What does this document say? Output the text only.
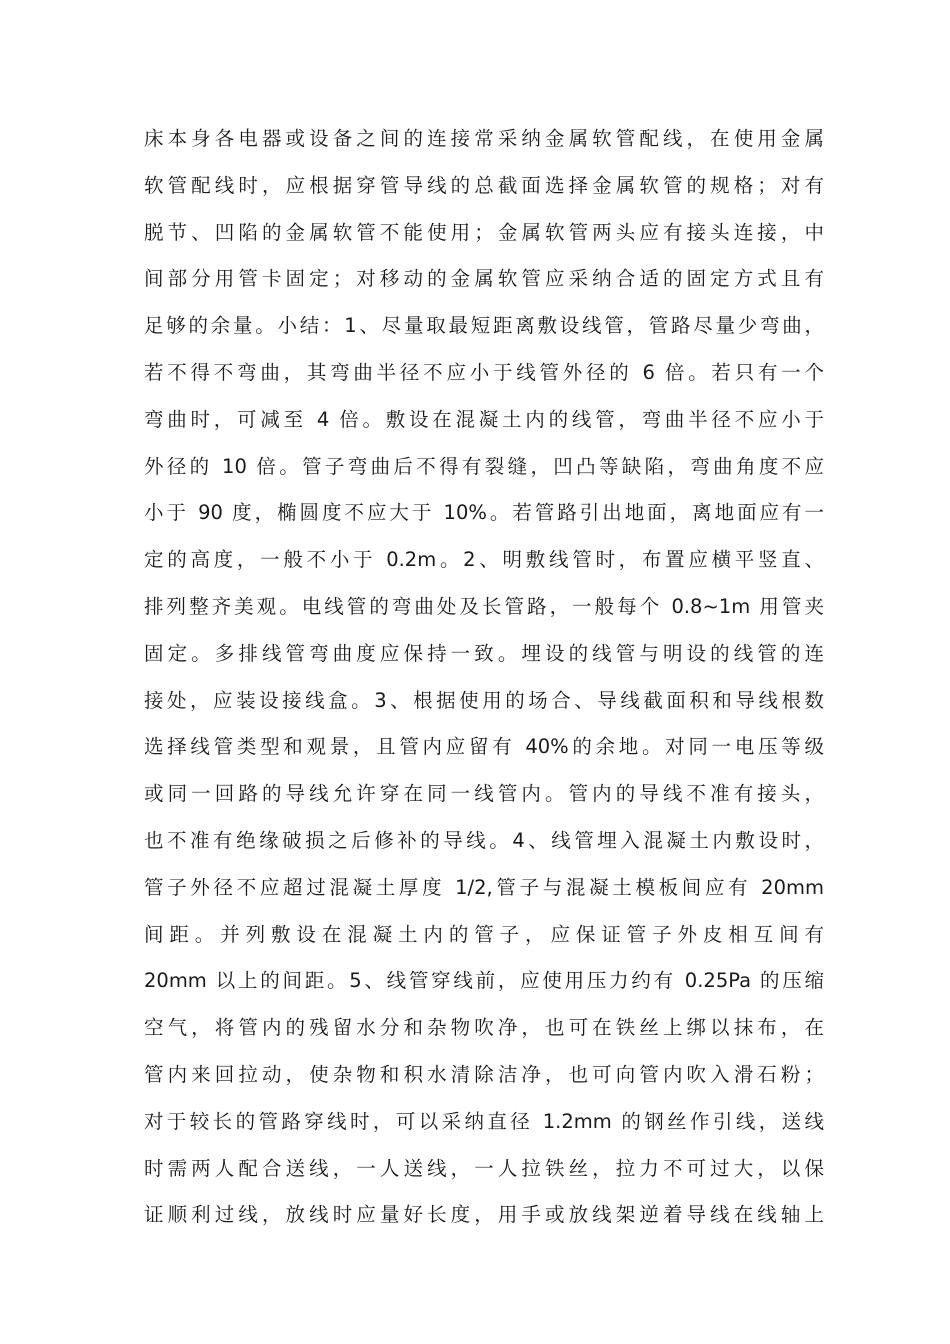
床本身各电器或设备之间的连接常采纳金属软管配线，在使用金属
软管配线时，应根据穿管导线的总截面选择金属软管的规格；对有
脱节、凹陷的金属软管不能使用；金属软管两头应有接头连接，中
间部分用管卡固定；对移动的金属软管应采纳合适的固定方式且有
足够的余量。小结：1、尽量取最短距离敷设线管，管路尽量少弯曲，
若不得不弯曲，其弯曲半径不应小于线管外径的 6 倍。若只有一个
弯曲时，可减至 4 倍。敷设在混凝土内的线管，弯曲半径不应小于
外径的 10 倍。管子弯曲后不得有裂缝，凹凸等缺陷，弯曲角度不应
小于 90 度，椭圆度不应大于 10%。若管路引出地面，离地面应有一
定的高度，一般不小于 0.2m。2、明敷线管时，布置应横平竖直、
排列整齐美观。电线管的弯曲处及长管路，一般每个 0.8~1m 用管夹
固定。多排线管弯曲度应保持一致。埋设的线管与明设的线管的连
接处，应装设接线盒。3、根据使用的场合、导线截面积和导线根数
选择线管类型和观景，且管内应留有 40%的余地。对同一电压等级
或同一回路的导线允许穿在同一线管内。管内的导线不准有接头，
也不准有绝缘破损之后修补的导线。4、线管埋入混凝土内敷设时，
管子外径不应超过混凝土厚度 1/2,管子与混凝土模板间应有 20mm
间距。并列敷设在混凝土内的管子，应保证管子外皮相互间有
20mm 以上的间距。5、线管穿线前，应使用压力约有 0.25Pa 的压缩
空气，将管内的残留水分和杂物吹净，也可在铁丝上绑以抹布，在
管内来回拉动，使杂物和积水清除洁净，也可向管内吹入滑石粉；
对于较长的管路穿线时，可以采纳直径 1.2mm 的钢丝作引线，送线
时需两人配合送线，一人送线，一人拉铁丝，拉力不可过大，以保
证顺利过线，放线时应量好长度，用手或放线架逆着导线在线轴上
